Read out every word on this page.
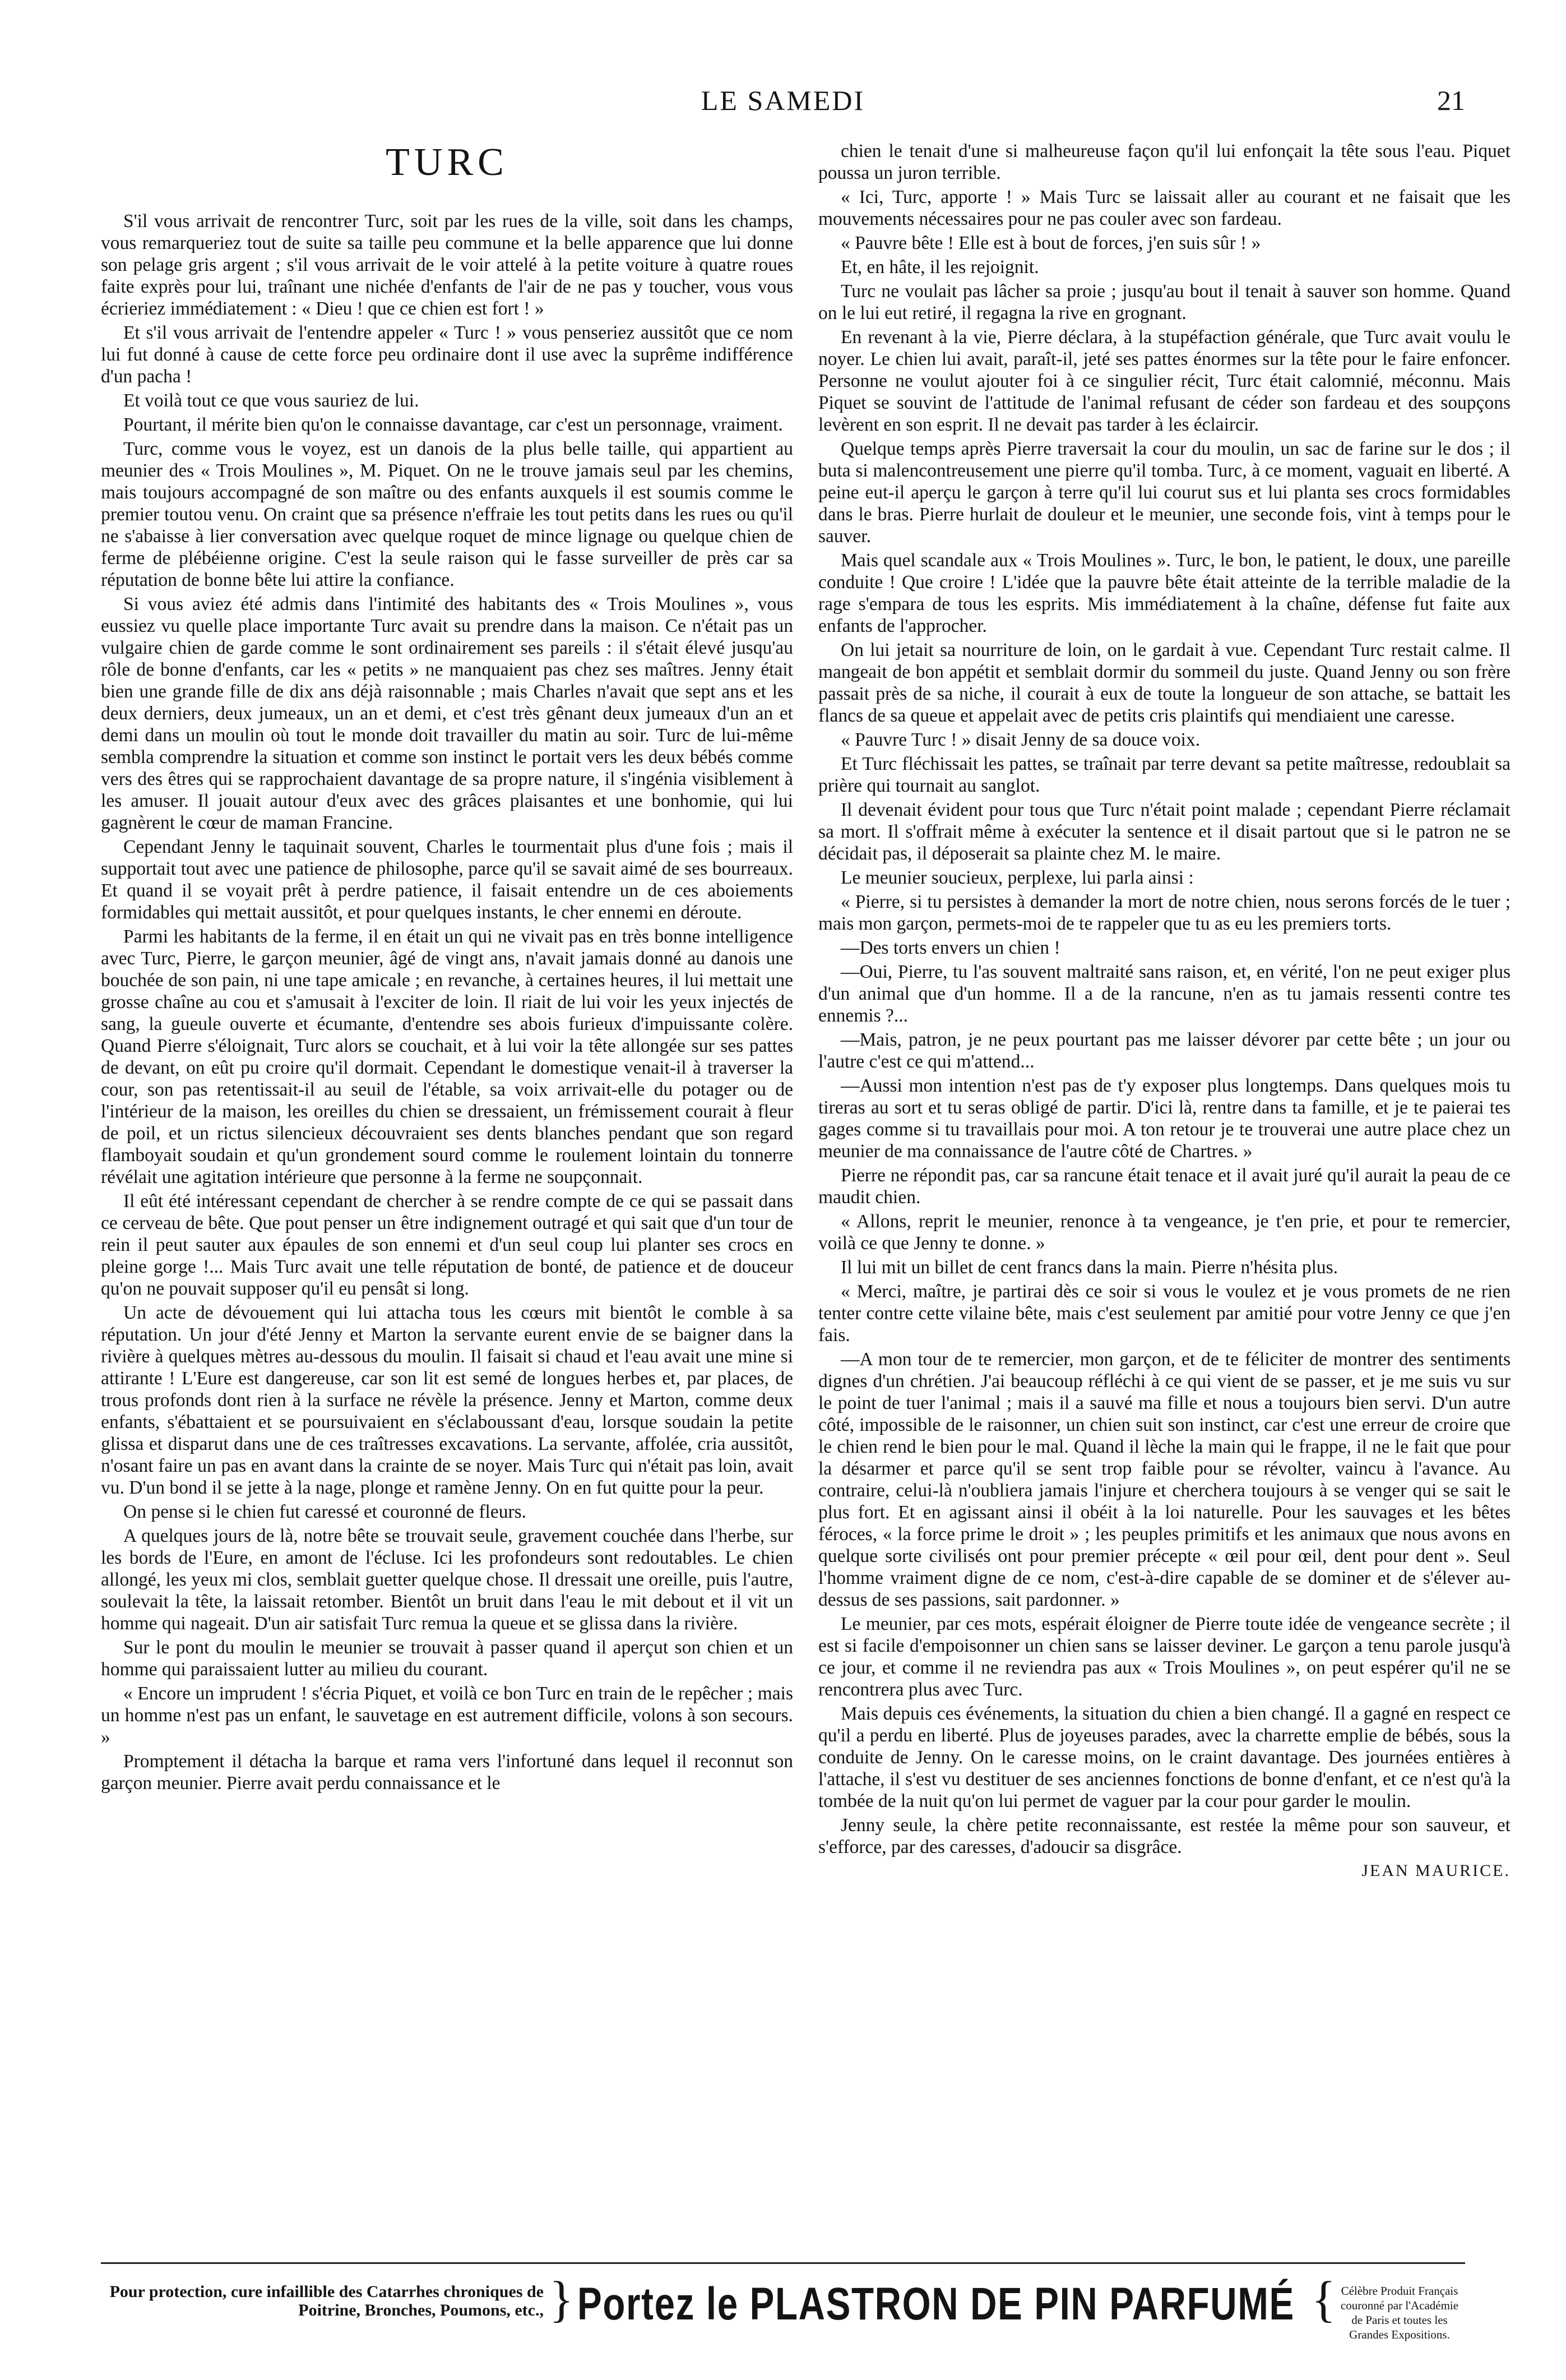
LE SAMEDI	21
TURC

S'il vous arrivait de rencontrer Turc, soit par les rues de la ville, soit dans les champs, vous remarqueriez tout de suite sa taille peu commune et la belle apparence que lui donne son pelage gris argent ; s'il vous arrivait de le voir attelé à la petite voiture à quatre roues faite exprès pour lui, traînant une nichée d'enfants de l'air de ne pas y toucher, vous vous écrieriez immédiatement : « Dieu ! que ce chien est fort ! »

Et s'il vous arrivait de l'entendre appeler « Turc ! » vous penseriez aussitôt que ce nom lui fut donné à cause de cette force peu ordinaire dont il use avec la suprême indifférence d'un pacha !

Et voilà tout ce que vous sauriez de lui.

Pourtant, il mérite bien qu'on le connaisse davantage, car c'est un personnage, vraiment.

Turc, comme vous le voyez, est un danois de la plus belle taille, qui appartient au meunier des « Trois Moulines », M. Piquet. On ne le trouve jamais seul par les chemins, mais toujours accompagné de son maître ou des enfants auxquels il est soumis comme le premier toutou venu. On craint que sa présence n'effraie les tout petits dans les rues ou qu'il ne s'abaisse à lier conversation avec quelque roquet de mince lignage ou quelque chien de ferme de plébéienne origine. C'est la seule raison qui le fasse surveiller de près car sa réputation de bonne bête lui attire la confiance.

Si vous aviez été admis dans l'intimité des habitants des « Trois Moulines », vous eussiez vu quelle place importante Turc avait su prendre dans la maison. Ce n'était pas un vulgaire chien de garde comme le sont ordinairement ses pareils : il s'était élevé jusqu'au rôle de bonne d'enfants, car les « petits » ne manquaient pas chez ses maîtres. Jenny était bien une grande fille de dix ans déjà raisonnable ; mais Charles n'avait que sept ans et les deux derniers, deux jumeaux, un an et demi, et c'est très gênant deux jumeaux d'un an et demi dans un moulin où tout le monde doit travailler du matin au soir. Turc de lui-même sembla comprendre la situation et comme son instinct le portait vers les deux bébés comme vers des êtres qui se rapprochaient davantage de sa propre nature, il s'ingénia visiblement à les amuser. Il jouait autour d'eux avec des grâces plaisantes et une bonhomie, qui lui gagnèrent le cœur de maman Francine.

Cependant Jenny le taquinait souvent, Charles le tourmentait plus d'une fois ; mais il supportait tout avec une patience de philosophe, parce qu'il se savait aimé de ses bourreaux. Et quand il se voyait prêt à perdre patience, il faisait entendre un de ces aboiements formidables qui mettait aussitôt, et pour quelques instants, le cher ennemi en déroute.

Parmi les habitants de la ferme, il en était un qui ne vivait pas en très bonne intelligence avec Turc, Pierre, le garçon meunier, âgé de vingt ans, n'avait jamais donné au danois une bouchée de son pain, ni une tape amicale ; en revanche, à certaines heures, il lui mettait une grosse chaîne au cou et s'amusait à l'exciter de loin. Il riait de lui voir les yeux injectés de sang, la gueule ouverte et écumante, d'entendre ses abois furieux d'impuissante colère. Quand Pierre s'éloignait, Turc alors se couchait, et à lui voir la tête allongée sur ses pattes de devant, on eût pu croire qu'il dormait. Cependant le domestique venait-il à traverser la cour, son pas retentissait-il au seuil de l'étable, sa voix arrivait-elle du potager ou de l'intérieur de la maison, les oreilles du chien se dressaient, un frémissement courait à fleur de poil, et un rictus silencieux découvraient ses dents blanches pendant que son regard flamboyait soudain et qu'un grondement sourd comme le roulement lointain du tonnerre révélait une agitation intérieure que personne à la ferme ne soupçonnait.

Il eût été intéressant cependant de chercher à se rendre compte de ce qui se passait dans ce cerveau de bête. Que pout penser un être indignement outragé et qui sait que d'un tour de rein il peut sauter aux épaules de son ennemi et d'un seul coup lui planter ses crocs en pleine gorge !... Mais Turc avait une telle réputation de bonté, de patience et de douceur qu'on ne pouvait supposer qu'il eu pensât si long.

Un acte de dévouement qui lui attacha tous les cœurs mit bientôt le comble à sa réputation. Un jour d'été Jenny et Marton la servante eurent envie de se baigner dans la rivière à quelques mètres au-dessous du moulin. Il faisait si chaud et l'eau avait une mine si attirante ! L'Eure est dangereuse, car son lit est semé de longues herbes et, par places, de trous profonds dont rien à la surface ne révèle la présence. Jenny et Marton, comme deux enfants, s'ébattaient et se poursuivaient en s'éclaboussant d'eau, lorsque soudain la petite glissa et disparut dans une de ces traîtresses excavations. La servante, affolée, cria aussitôt, n'osant faire un pas en avant dans la crainte de se noyer. Mais Turc qui n'était pas loin, avait vu. D'un bond il se jette à la nage, plonge et ramène Jenny. On en fut quitte pour la peur.

On pense si le chien fut caressé et couronné de fleurs.

A quelques jours de là, notre bête se trouvait seule, gravement couchée dans l'herbe, sur les bords de l'Eure, en amont de l'écluse. Ici les profondeurs sont redoutables. Le chien allongé, les yeux mi clos, semblait guetter quelque chose. Il dressait une oreille, puis l'autre, soulevait la tête, la laissait retomber. Bientôt un bruit dans l'eau le mit debout et il vit un homme qui nageait. D'un air satisfait Turc remua la queue et se glissa dans la rivière.

Sur le pont du moulin le meunier se trouvait à passer quand il aperçut son chien et un homme qui paraissaient lutter au milieu du courant.

« Encore un imprudent ! s'écria Piquet, et voilà ce bon Turc en train de le repêcher ; mais un homme n'est pas un enfant, le sauvetage en est autrement difficile, volons à son secours. »

Promptement il détacha la barque et rama vers l'infortuné dans lequel il reconnut son garçon meunier. Pierre avait perdu connaissance et le

chien le tenait d'une si malheureuse façon qu'il lui enfonçait la tête sous l'eau. Piquet poussa un juron terrible.

« Ici, Turc, apporte ! » Mais Turc se laissait aller au courant et ne faisait que les mouvements nécessaires pour ne pas couler avec son fardeau.

« Pauvre bête ! Elle est à bout de forces, j'en suis sûr ! »

Et, en hâte, il les rejoignit.

Turc ne voulait pas lâcher sa proie ; jusqu'au bout il tenait à sauver son homme. Quand on le lui eut retiré, il regagna la rive en grognant.

En revenant à la vie, Pierre déclara, à la stupéfaction générale, que Turc avait voulu le noyer. Le chien lui avait, paraît-il, jeté ses pattes énormes sur la tête pour le faire enfoncer. Personne ne voulut ajouter foi à ce singulier récit, Turc était calomnié, méconnu. Mais Piquet se souvint de l'attitude de l'animal refusant de céder son fardeau et des soupçons levèrent en son esprit. Il ne devait pas tarder à les éclaircir.

Quelque temps après Pierre traversait la cour du moulin, un sac de farine sur le dos ; il buta si malencontreusement une pierre qu'il tomba. Turc, à ce moment, vaguait en liberté. A peine eut-il aperçu le garçon à terre qu'il lui courut sus et lui planta ses crocs formidables dans le bras. Pierre hurlait de douleur et le meunier, une seconde fois, vint à temps pour le sauver.

Mais quel scandale aux « Trois Moulines ». Turc, le bon, le patient, le doux, une pareille conduite ! Que croire ! L'idée que la pauvre bête était atteinte de la terrible maladie de la rage s'empara de tous les esprits. Mis immédiatement à la chaîne, défense fut faite aux enfants de l'approcher.

On lui jetait sa nourriture de loin, on le gardait à vue. Cependant Turc restait calme. Il mangeait de bon appétit et semblait dormir du sommeil du juste. Quand Jenny ou son frère passait près de sa niche, il courait à eux de toute la longueur de son attache, se battait les flancs de sa queue et appelait avec de petits cris plaintifs qui mendiaient une caresse.

« Pauvre Turc ! » disait Jenny de sa douce voix.

Et Turc fléchissait les pattes, se traînait par terre devant sa petite maîtresse, redoublait sa prière qui tournait au sanglot.

Il devenait évident pour tous que Turc n'était point malade ; cependant Pierre réclamait sa mort. Il s'offrait même à exécuter la sentence et il disait partout que si le patron ne se décidait pas, il déposerait sa plainte chez M. le maire.

Le meunier soucieux, perplexe, lui parla ainsi :

« Pierre, si tu persistes à demander la mort de notre chien, nous serons forcés de le tuer ; mais mon garçon, permets-moi de te rappeler que tu as eu les premiers torts.

—Des torts envers un chien !

—Oui, Pierre, tu l'as souvent maltraité sans raison, et, en vérité, l'on ne peut exiger plus d'un animal que d'un homme. Il a de la rancune, n'en as tu jamais ressenti contre tes ennemis ?...

—Mais, patron, je ne peux pourtant pas me laisser dévorer par cette bête ; un jour ou l'autre c'est ce qui m'attend...

—Aussi mon intention n'est pas de t'y exposer plus longtemps. Dans quelques mois tu tireras au sort et tu seras obligé de partir. D'ici là, rentre dans ta famille, et je te paierai tes gages comme si tu travaillais pour moi. A ton retour je te trouverai une autre place chez un meunier de ma connaissance de l'autre côté de Chartres. »

Pierre ne répondit pas, car sa rancune était tenace et il avait juré qu'il aurait la peau de ce maudit chien.

« Allons, reprit le meunier, renonce à ta vengeance, je t'en prie, et pour te remercier, voilà ce que Jenny te donne. »

Il lui mit un billet de cent francs dans la main. Pierre n'hésita plus.

« Merci, maître, je partirai dès ce soir si vous le voulez et je vous promets de ne rien tenter contre cette vilaine bête, mais c'est seulement par amitié pour votre Jenny ce que j'en fais.

—A mon tour de te remercier, mon garçon, et de te féliciter de montrer des sentiments dignes d'un chrétien. J'ai beaucoup réfléchi à ce qui vient de se passer, et je me suis vu sur le point de tuer l'animal ; mais il a sauvé ma fille et nous a toujours bien servi. D'un autre côté, impossible de le raisonner, un chien suit son instinct, car c'est une erreur de croire que le chien rend le bien pour le mal. Quand il lèche la main qui le frappe, il ne le fait que pour la désarmer et parce qu'il se sent trop faible pour se révolter, vaincu à l'avance. Au contraire, celui-là n'oubliera jamais l'injure et cherchera toujours à se venger qui se sait le plus fort. Et en agissant ainsi il obéit à la loi naturelle. Pour les sauvages et les bêtes féroces, « la force prime le droit » ; les peuples primitifs et les animaux que nous avons en quelque sorte civilisés ont pour premier précepte « œil pour œil, dent pour dent ». Seul l'homme vraiment digne de ce nom, c'est-à-dire capable de se dominer et de s'élever au-dessus de ses passions, sait pardonner. »

Le meunier, par ces mots, espérait éloigner de Pierre toute idée de vengeance secrète ; il est si facile d'empoisonner un chien sans se laisser deviner. Le garçon a tenu parole jusqu'à ce jour, et comme il ne reviendra pas aux « Trois Moulines », on peut espérer qu'il ne se rencontrera plus avec Turc.

Mais depuis ces événements, la situation du chien a bien changé. Il a gagné en respect ce qu'il a perdu en liberté. Plus de joyeuses parades, avec la charrette emplie de bébés, sous la conduite de Jenny. On le caresse moins, on le craint davantage. Des journées entières à l'attache, il s'est vu destituer de ses anciennes fonctions de bonne d'enfant, et ce n'est qu'à la tombée de la nuit qu'on lui permet de vaguer par la cour pour garder le moulin.

Jenny seule, la chère petite reconnaissante, est restée la même pour son sauveur, et s'efforce, par des caresses, d'adoucir sa disgrâce.

JEAN MAURICE.
Pour protection, cure infaillible des Catarrhes chroniques de Poitrine, Bronches, Poumons, etc., } Portez le PLASTRON DE PIN PARFUMÉ { Célèbre Produit Français couronné par l'Académie de Paris et toutes les Grandes Expositions.
